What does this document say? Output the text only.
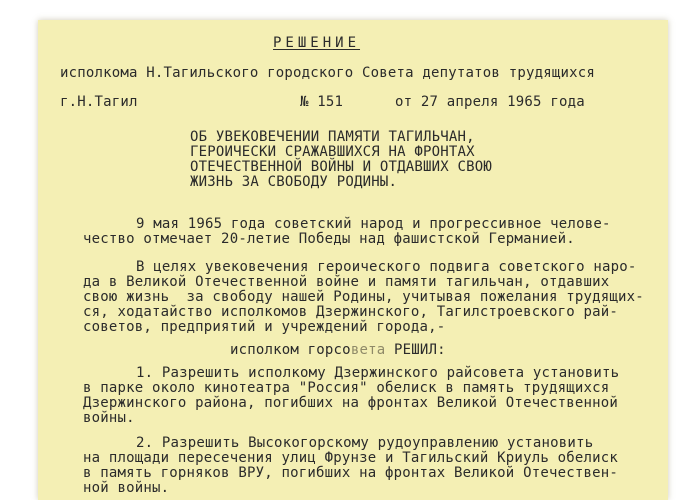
РЕШЕНИЕ
исполкома Н.Тагильского городского Совета депутатов трудящихся
г.Н.Тагил	№ 151	от 27 апреля 1965 года
ОБ УВЕКОВЕЧЕНИИ ПАМЯТИ ТАГИЛЬЧАН,
ГЕРОИЧЕСКИ СРАЖАВШИХСЯ НА ФРОНТАХ
ОТЕЧЕСТВЕННОЙ ВОЙНЫ И ОТДАВШИХ СВОЮ
ЖИЗНЬ ЗА СВОБОДУ РОДИНЫ.
9 мая 1965 года советский народ и прогрессивное челове-
чество отмечает 20-летие Победы над фашистской Германией.
В целях увековечения героического подвига советского наро-
да в Великой Отечественной войне и памяти тагильчан, отдавших
свою жизнь  за свободу нашей Родины, учитывая пожелания трудящих-
ся, ходатайство исполкомов Дзержинского, Тагилстроевского рай-
советов, предприятий и учреждений города,-
исполком горсовета РЕШИЛ:
1. Разрешить исполкому Дзержинского райсовета установить
в парке около кинотеатра "Россия" обелиск в память трудящихся
Дзержинского района, погибших на фронтах Великой Отечественной
войны.
2. Разрешить Высокогорскому рудоуправлению установить
на площади пересечения улиц Фрунзе и Тагильский Криуль обелиск
в память горняков ВРУ, погибших на фронтах Великой Отечествен-
ной войны.
